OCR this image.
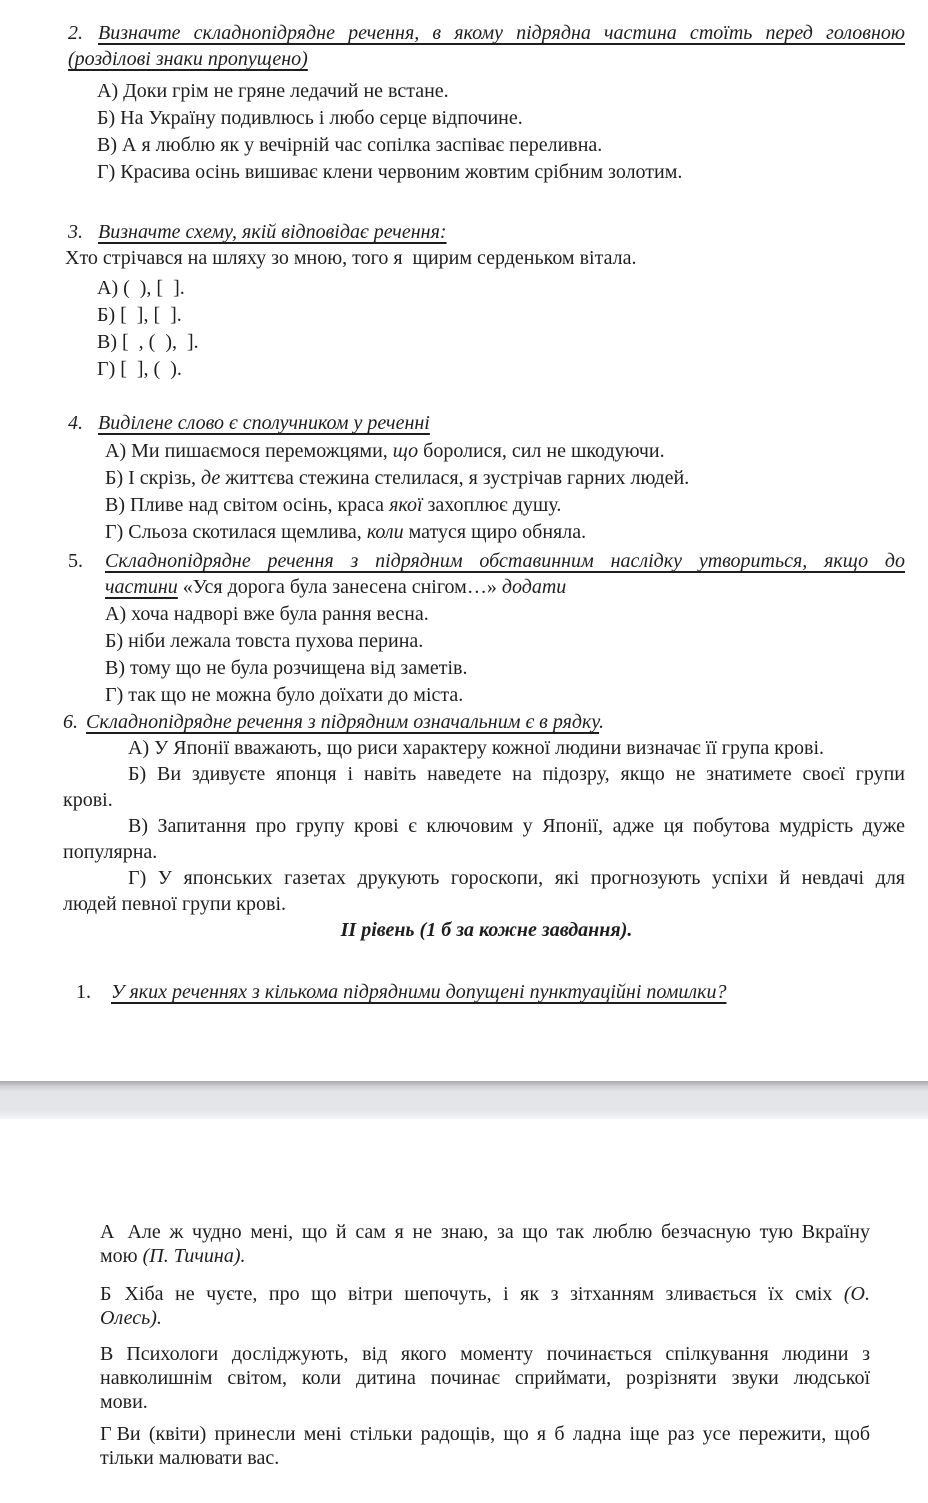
2. Визначте складнопідрядне речення, в якому підрядна частина стоїть перед головною
(розділові знаки пропущено)
А) Доки грім не гряне ледачий не встане.
Б) На Україну подивлюсь і любо серце відпочине.
В) А я люблю як у вечірній час сопілка заспіває переливна.
Г) Красива осінь вишиває клени червоним жовтим срібним золотим.
3. Визначте схему, якій відповідає речення:
Хто стрічався на шляху зо мною, того я  щирим серденьком вітала.
А) (  ), [  ].
Б) [  ], [  ].
В) [  , (  ),  ].
Г) [  ], (  ).
4. Виділене слово є сполучником у реченні
А) Ми пишаємося переможцями, що боролися, сил не шкодуючи.
Б) І скрізь, де життєва стежина стелилася, я зустрічав гарних людей.
В) Пливе над світом осінь, краса якої захоплює душу.
Г) Сльоза скотилася щемлива, коли матуся щиро обняла.
5. Складнопідрядне речення з підрядним обставинним наслідку утвориться, якщо до
частини «Уся дорога була занесена снігом…» додати
А) хоча надворі вже була рання весна.
Б) ніби лежала товста пухова перина.
В) тому що не була розчищена від заметів.
Г) так що не можна було доїхати до міста.
6. Складнопідрядне речення з підрядним означальним є в рядку.
А) У Японії вважають, що риси характеру кожної людини визначає її група крові.
Б) Ви здивуєте японця і навіть наведете на підозру, якщо не знатимете своєї групи
крові.
В) Запитання про групу крові є ключовим у Японії, адже ця побутова мудрість дуже
популярна.
Г) У японських газетах друкують гороскопи, які прогнозують успіхи й невдачі для
людей певної групи крові.
ІІ рівень (1 б за кожне завдання).
1. У яких реченнях з кількома підрядними допущені пунктуаційні помилки?
А Але ж чудно мені, що й сам я не знаю, за що так люблю безчасную тую Вкраїну
мою (П. Тичина).
Б Хіба не чуєте, про що вітри шепочуть, і як з зітханням зливається їх сміх (О.
Олесь).
В Психологи досліджують, від якого моменту починається спілкування людини з
навколишнім світом, коли дитина починає сприймати, розрізняти звуки людської
мови.
Г Ви (квіти) принесли мені стільки радощів, що я б ладна іще раз усе пережити, щоб
тільки малювати вас.
